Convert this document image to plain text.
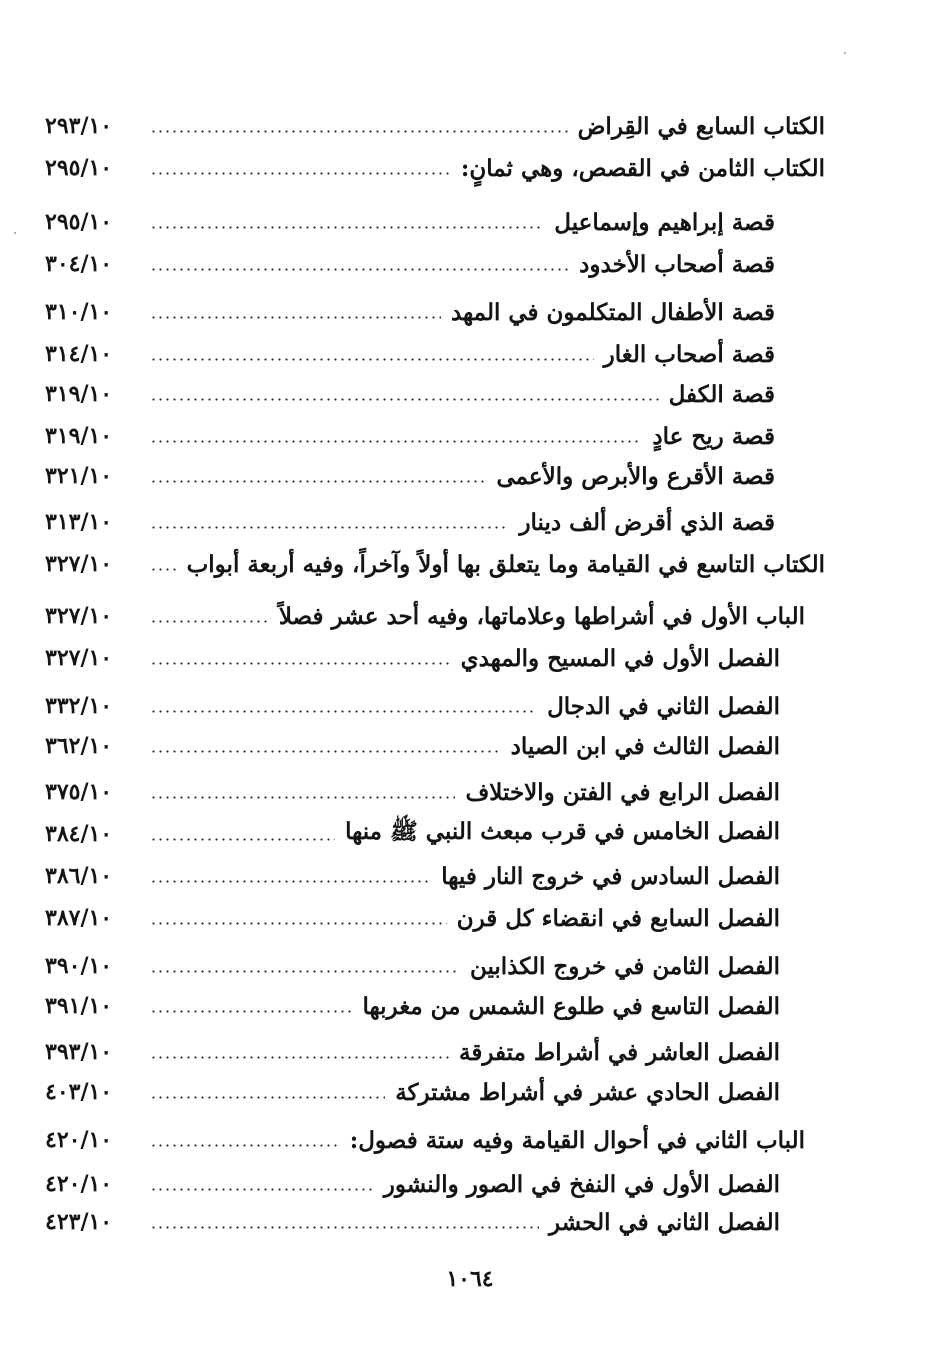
الكتاب السابع في القِراض
٢٩٣/١٠
الكتاب الثامن في القصص، وهي ثمانٍ:
٢٩٥/١٠
قصة إبراهيم وإسماعيل
٢٩٥/١٠
قصة أصحاب الأخدود
٣٠٤/١٠
قصة الأطفال المتكلمون في المهد
٣١٠/١٠
قصة أصحاب الغار
٣١٤/١٠
قصة الكفل
٣١٩/١٠
قصة ريح عادٍ
٣١٩/١٠
قصة الأقرع والأبرص والأعمى
٣٢١/١٠
قصة الذي أقرض ألف دينار
٣١٣/١٠
الكتاب التاسع في القيامة وما يتعلق بها أولاً وآخراً، وفيه أربعة أبواب
٣٢٧/١٠
الباب الأول في أشراطها وعلاماتها، وفيه أحد عشر فصلاً
٣٢٧/١٠
الفصل الأول في المسيح والمهدي
٣٢٧/١٠
الفصل الثاني في الدجال
٣٣٢/١٠
الفصل الثالث في ابن الصياد
٣٦٢/١٠
الفصل الرابع في الفتن والاختلاف
٣٧٥/١٠
الفصل الخامس في قرب مبعث النبي ﷺ منها
٣٨٤/١٠
الفصل السادس في خروج النار فيها
٣٨٦/١٠
الفصل السابع في انقضاء كل قرن
٣٨٧/١٠
الفصل الثامن في خروج الكذابين
٣٩٠/١٠
الفصل التاسع في طلوع الشمس من مغربها
٣٩١/١٠
الفصل العاشر في أشراط متفرقة
٣٩٣/١٠
الفصل الحادي عشر في أشراط مشتركة
٤٠٣/١٠
الباب الثاني في أحوال القيامة وفيه ستة فصول:
٤٢٠/١٠
الفصل الأول في النفخ في الصور والنشور
٤٢٠/١٠
الفصل الثاني في الحشر
٤٢٣/١٠
١٠٦٤
